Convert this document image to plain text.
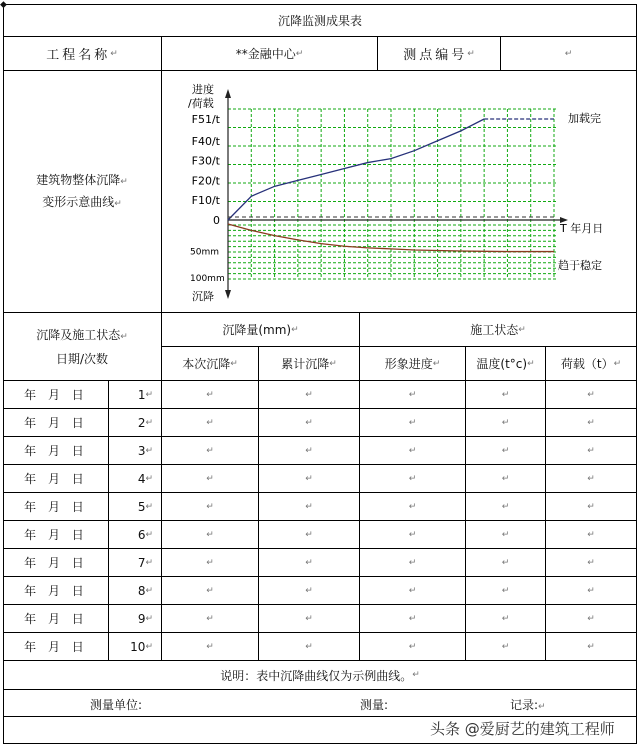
◆
沉降监测成果表
工程名称 ↵	**金融中心 ↵	测点编号 ↵	↵
建筑物整体沉降↵
变形示意曲线↵
进度
/荷载
沉降
T 年月日
加载完
趋于稳定
F51/t
F40/t
F30/t
F20/t
F10/t
0
50mm
100mm
沉降及施工状态↵
日期/次数
沉降量(mm) ↵	施工状态 ↵
本次沉降 ↵	累计沉降 ↵	形象进度 ↵	温度(t°c) ↵ 荷载（t） ↵
年 月 日	1 ↵	↵	↵	↵	↵	↵
年 月 日	2 ↵	↵	↵	↵	↵	↵
年 月 日	3 ↵	↵	↵	↵	↵	↵
年 月 日	4 ↵	↵	↵	↵	↵	↵
年 月 日	5 ↵	↵	↵	↵	↵	↵
年 月 日	6 ↵	↵	↵	↵	↵	↵
年 月 日	7 ↵	↵	↵	↵	↵	↵
年 月 日	8 ↵	↵	↵	↵	↵	↵
年 月 日	9 ↵	↵	↵	↵	↵	↵
年 月 日	10 ↵	↵	↵	↵	↵	↵
说明：表中沉降曲线仅为示例曲线。 ↵
测量单位:	测量:	记录:↵
头条 @爱厨艺的建筑工程师
